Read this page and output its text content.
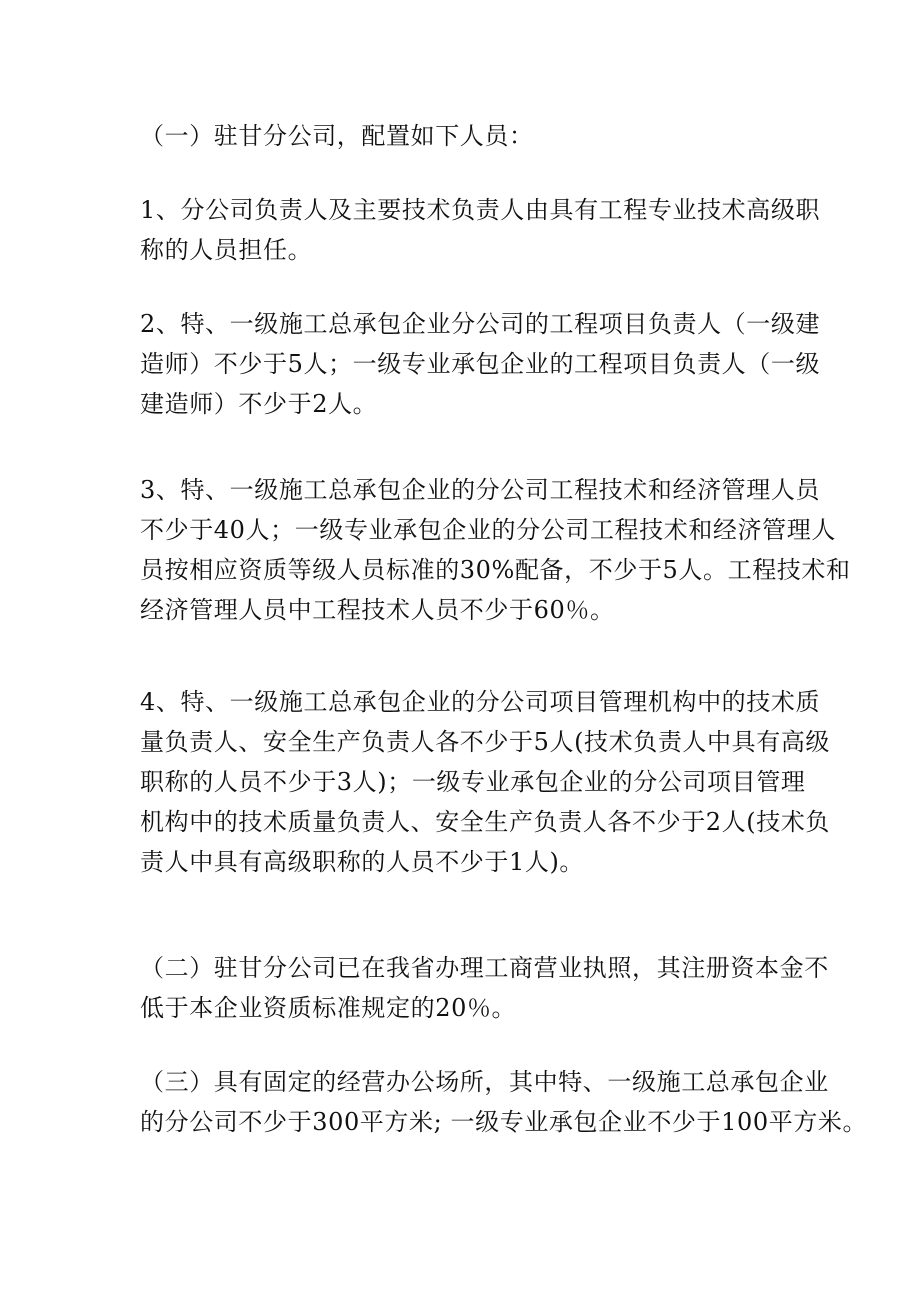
（一）驻甘分公司，配置如下人员：
1、分公司负责人及主要技术负责人由具有工程专业技术高级职
称的人员担任。
2、特、一级施工总承包企业分公司的工程项目负责人（一级建
造师）不少于5人；一级专业承包企业的工程项目负责人（一级
建造师）不少于2人。
3、特、一级施工总承包企业的分公司工程技术和经济管理人员
不少于40人；一级专业承包企业的分公司工程技术和经济管理人
员按相应资质等级人员标准的30%配备，不少于5人。工程技术和
经济管理人员中工程技术人员不少于60％。
4、特、一级施工总承包企业的分公司项目管理机构中的技术质
量负责人、安全生产负责人各不少于5人(技术负责人中具有高级
职称的人员不少于3人)；一级专业承包企业的分公司项目管理
机构中的技术质量负责人、安全生产负责人各不少于2人(技术负
责人中具有高级职称的人员不少于1人)。
（二）驻甘分公司已在我省办理工商营业执照，其注册资本金不
低于本企业资质标准规定的20％。
（三）具有固定的经营办公场所，其中特、一级施工总承包企业
的分公司不少于300平方米; 一级专业承包企业不少于100平方米。
